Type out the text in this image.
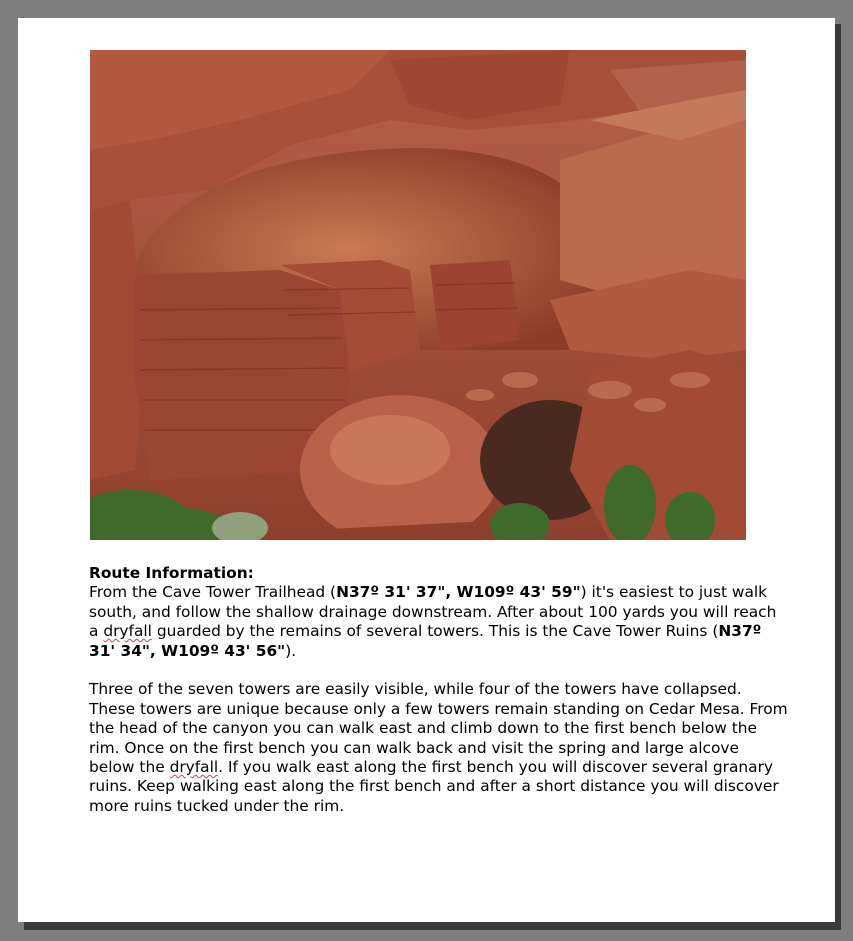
Route Information:
From the Cave Tower Trailhead (N37º 31' 37", W109º 43' 59") it's easiest to just walk south, and follow the shallow drainage downstream. After about 100 yards you will reach a dryfall guarded by the remains of several towers. This is the Cave Tower Ruins (N37º 31' 34", W109º 43' 56").

Three of the seven towers are easily visible, while four of the towers have collapsed. These towers are unique because only a few towers remain standing on Cedar Mesa. From the head of the canyon you can walk east and climb down to the first bench below the rim. Once on the first bench you can walk back and visit the spring and large alcove below the dryfall. If you walk east along the first bench you will discover several granary ruins. Keep walking east along the first bench and after a short distance you will discover more ruins tucked under the rim.
